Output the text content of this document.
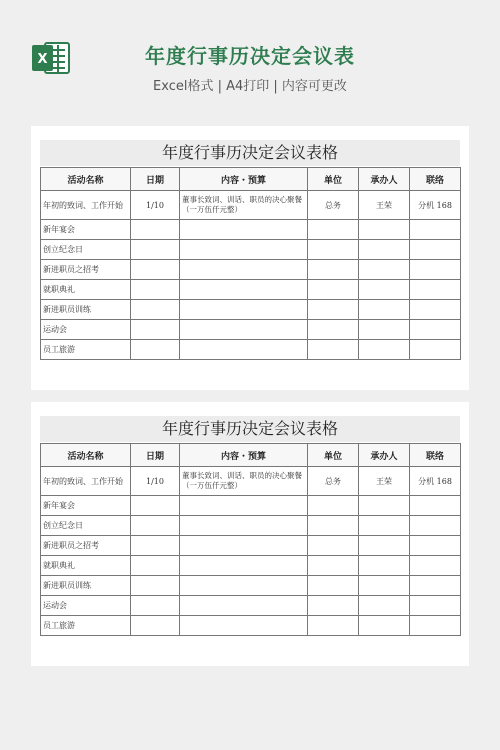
X	年度行事历决定会议表
Excel格式 | A4打印 | 内容可更改
年度行事历决定会议表格
活动名称	日期	内容・预算	单位	承办人	联络
年初的致词、工作开始	1/10	董事长致词、训话、职员的决心聚餐（一万伍仟元整）	总务	王荣	分机 168
新年宴会					
创立纪念日					
新进职员之招考					
就职典礼					
新进职员训练					
运动会					
员工旅游					
年度行事历决定会议表格
活动名称	日期	内容・预算	单位	承办人	联络
年初的致词、工作开始	1/10	董事长致词、训话、职员的决心聚餐（一万伍仟元整）	总务	王荣	分机 168
新年宴会					
创立纪念日					
新进职员之招考					
就职典礼					
新进职员训练					
运动会					
员工旅游					
